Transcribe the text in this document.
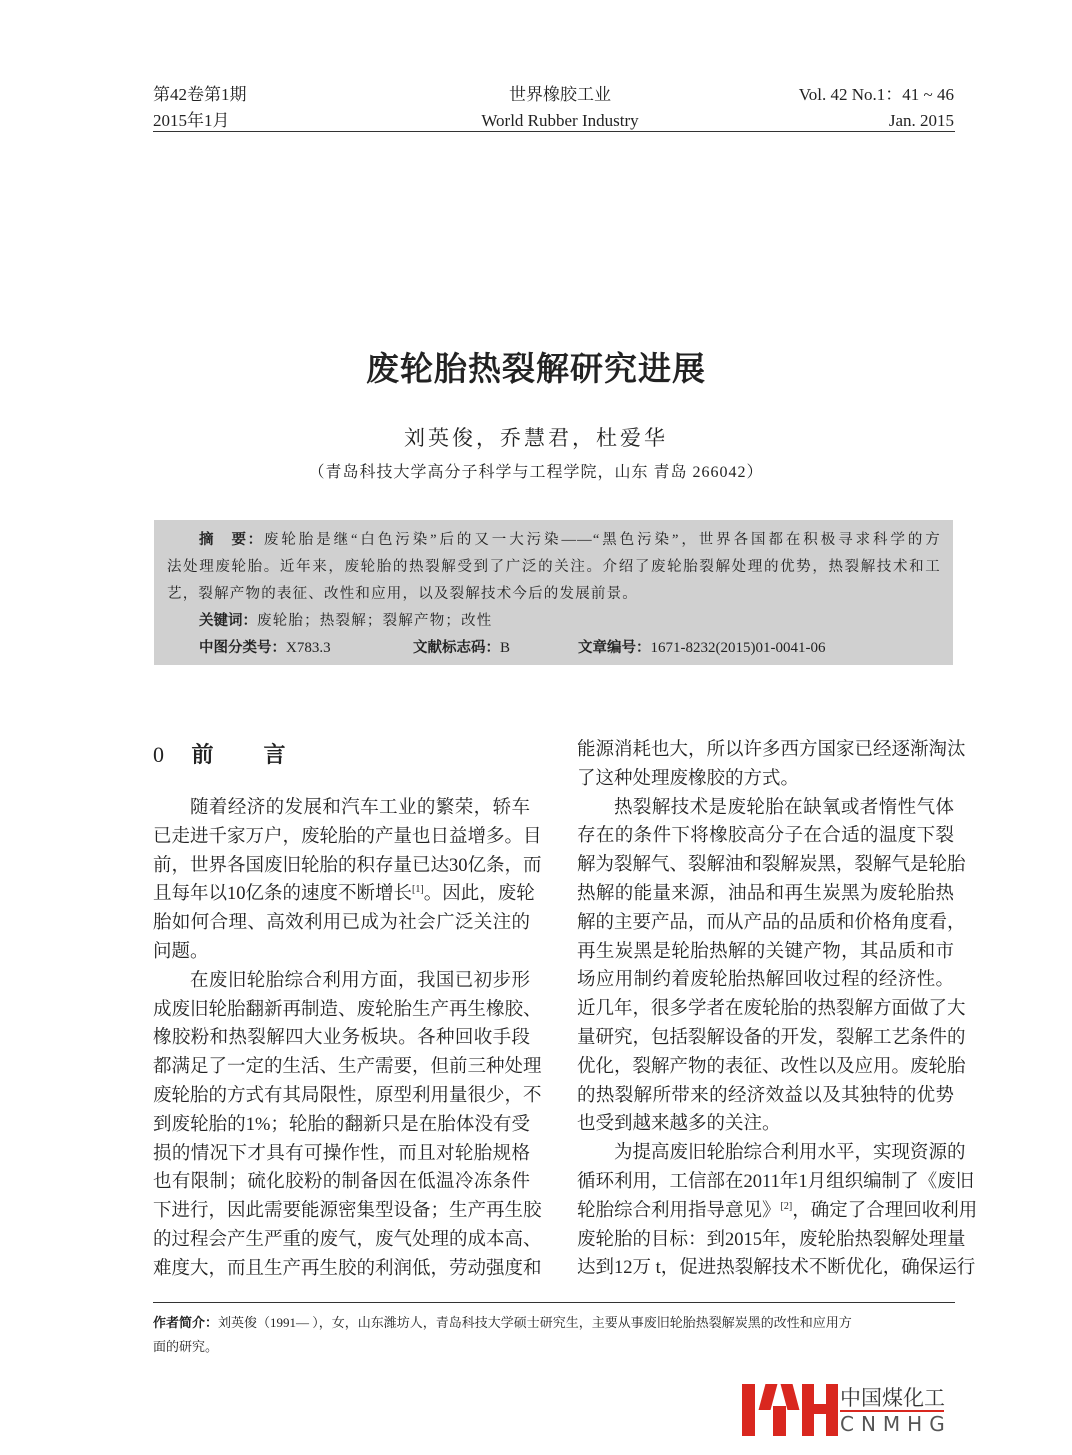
第42卷第1期
2015年1月
世界橡胶工业
World Rubber Industry
Vol. 42 No.1：41 ~ 46
Jan. 2015
废轮胎热裂解研究进展
刘英俊，乔慧君，杜爱华
（青岛科技大学高分子科学与工程学院，山东 青岛 266042）
摘　要：废轮胎是继“白色污染”后的又一大污染——“黑色污染”，世界各国都在积极寻求科学的方
法处理废轮胎。近年来，废轮胎的热裂解受到了广泛的关注。介绍了废轮胎裂解处理的优势，热裂解技术和工
艺，裂解产物的表征、改性和应用，以及裂解技术今后的发展前景。
关键词：废轮胎；热裂解；裂解产物；改性
中图分类号：X783.3	文献标志码：B	文章编号：1671-8232(2015)01-0041-06
0 前　　言
随着经济的发展和汽车工业的繁荣，轿车
已走进千家万户，废轮胎的产量也日益增多。目
前，世界各国废旧轮胎的积存量已达30亿条，而
且每年以10亿条的速度不断增长[1]。因此，废轮
胎如何合理、高效利用已成为社会广泛关注的
问题。
在废旧轮胎综合利用方面，我国已初步形
成废旧轮胎翻新再制造、废轮胎生产再生橡胶、
橡胶粉和热裂解四大业务板块。各种回收手段
都满足了一定的生活、生产需要，但前三种处理
废轮胎的方式有其局限性，原型利用量很少，不
到废轮胎的1%；轮胎的翻新只是在胎体没有受
损的情况下才具有可操作性，而且对轮胎规格
也有限制；硫化胶粉的制备因在低温冷冻条件
下进行，因此需要能源密集型设备；生产再生胶
的过程会产生严重的废气，废气处理的成本高、
难度大，而且生产再生胶的利润低，劳动强度和
能源消耗也大，所以许多西方国家已经逐渐淘汰
了这种处理废橡胶的方式。
热裂解技术是废轮胎在缺氧或者惰性气体
存在的条件下将橡胶高分子在合适的温度下裂
解为裂解气、裂解油和裂解炭黑，裂解气是轮胎
热解的能量来源，油品和再生炭黑为废轮胎热
解的主要产品，而从产品的品质和价格角度看，
再生炭黑是轮胎热解的关键产物，其品质和市
场应用制约着废轮胎热解回收过程的经济性。
近几年，很多学者在废轮胎的热裂解方面做了大
量研究，包括裂解设备的开发，裂解工艺条件的
优化，裂解产物的表征、改性以及应用。废轮胎
的热裂解所带来的经济效益以及其独特的优势
也受到越来越多的关注。
为提高废旧轮胎综合利用水平，实现资源的
循环利用，工信部在2011年1月组织编制了《废旧
轮胎综合利用指导意见》[2]，确定了合理回收利用
废轮胎的目标：到2015年，废轮胎热裂解处理量
达到12万 t，促进热裂解技术不断优化，确保运行
作者简介：刘英俊（1991— ），女，山东潍坊人，青岛科技大学硕士研究生，主要从事废旧轮胎热裂解炭黑的改性和应用方
面的研究。
中国煤化工
CNMHG
